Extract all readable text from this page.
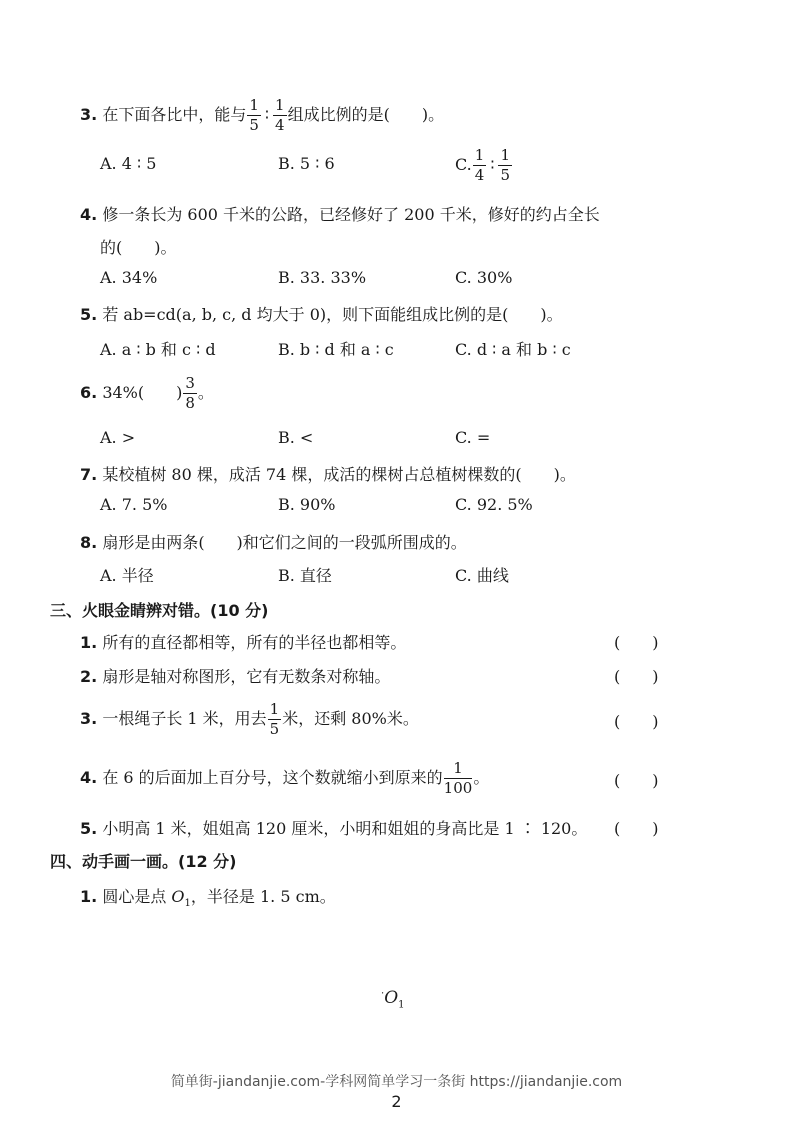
3. 在下面各比中，能与 $\frac{1}{5}$ ∶ $\frac{1}{4}$ 组成比例的是(　　)。
A. 4 ∶ 5	B. 5 ∶ 6	C. $\frac{1}{4}$ ∶ $\frac{1}{5}$
4. 修一条长为 600 千米的公路，已经修好了 200 千米，修好的约占全长
的(　　)。
A. 34%	B. 33. 33%	C. 30%
5. 若 ab=cd(a, b, c, d 均大于 0)，则下面能组成比例的是(　　)。
A. a ∶ b 和 c ∶ d	B. b ∶ d 和 a ∶ c	C. d ∶ a 和 b ∶ c
6. 34%(　　) $\frac{3}{8}$ 。
A. >	B. <	C. =
7. 某校植树 80 棵，成活 74 棵，成活的棵树占总植树棵数的(　　)。
A. 7. 5%	B. 90%	C. 92. 5%
8. 扇形是由两条(　　)和它们之间的一段弧所围成的。
A. 半径	B. 直径	C. 曲线
三、火眼金睛辨对错。(10 分)
1. 所有的直径都相等，所有的半径也都相等。	(　　)
2. 扇形是轴对称图形，它有无数条对称轴。	(　　)
3. 一根绳子长 1 米，用去 $\frac{1}{5}$ 米，还剩 80%米。	(　　)
4. 在 6 的后面加上百分号，这个数就缩小到原来的 $\frac{1}{100}$ 。	(　　)
5. 小明高 1 米，姐姐高 120 厘米，小明和姐姐的身高比是 1 ∶ 120。 (　　)
四、动手画一画。(12 分)
1. 圆心是点 $O_1$，半径是 1. 5 cm。
$^\cdot O_1$
简单街-jiandanjie.com-学科网简单学习一条街 https://jiandanjie.com
2
